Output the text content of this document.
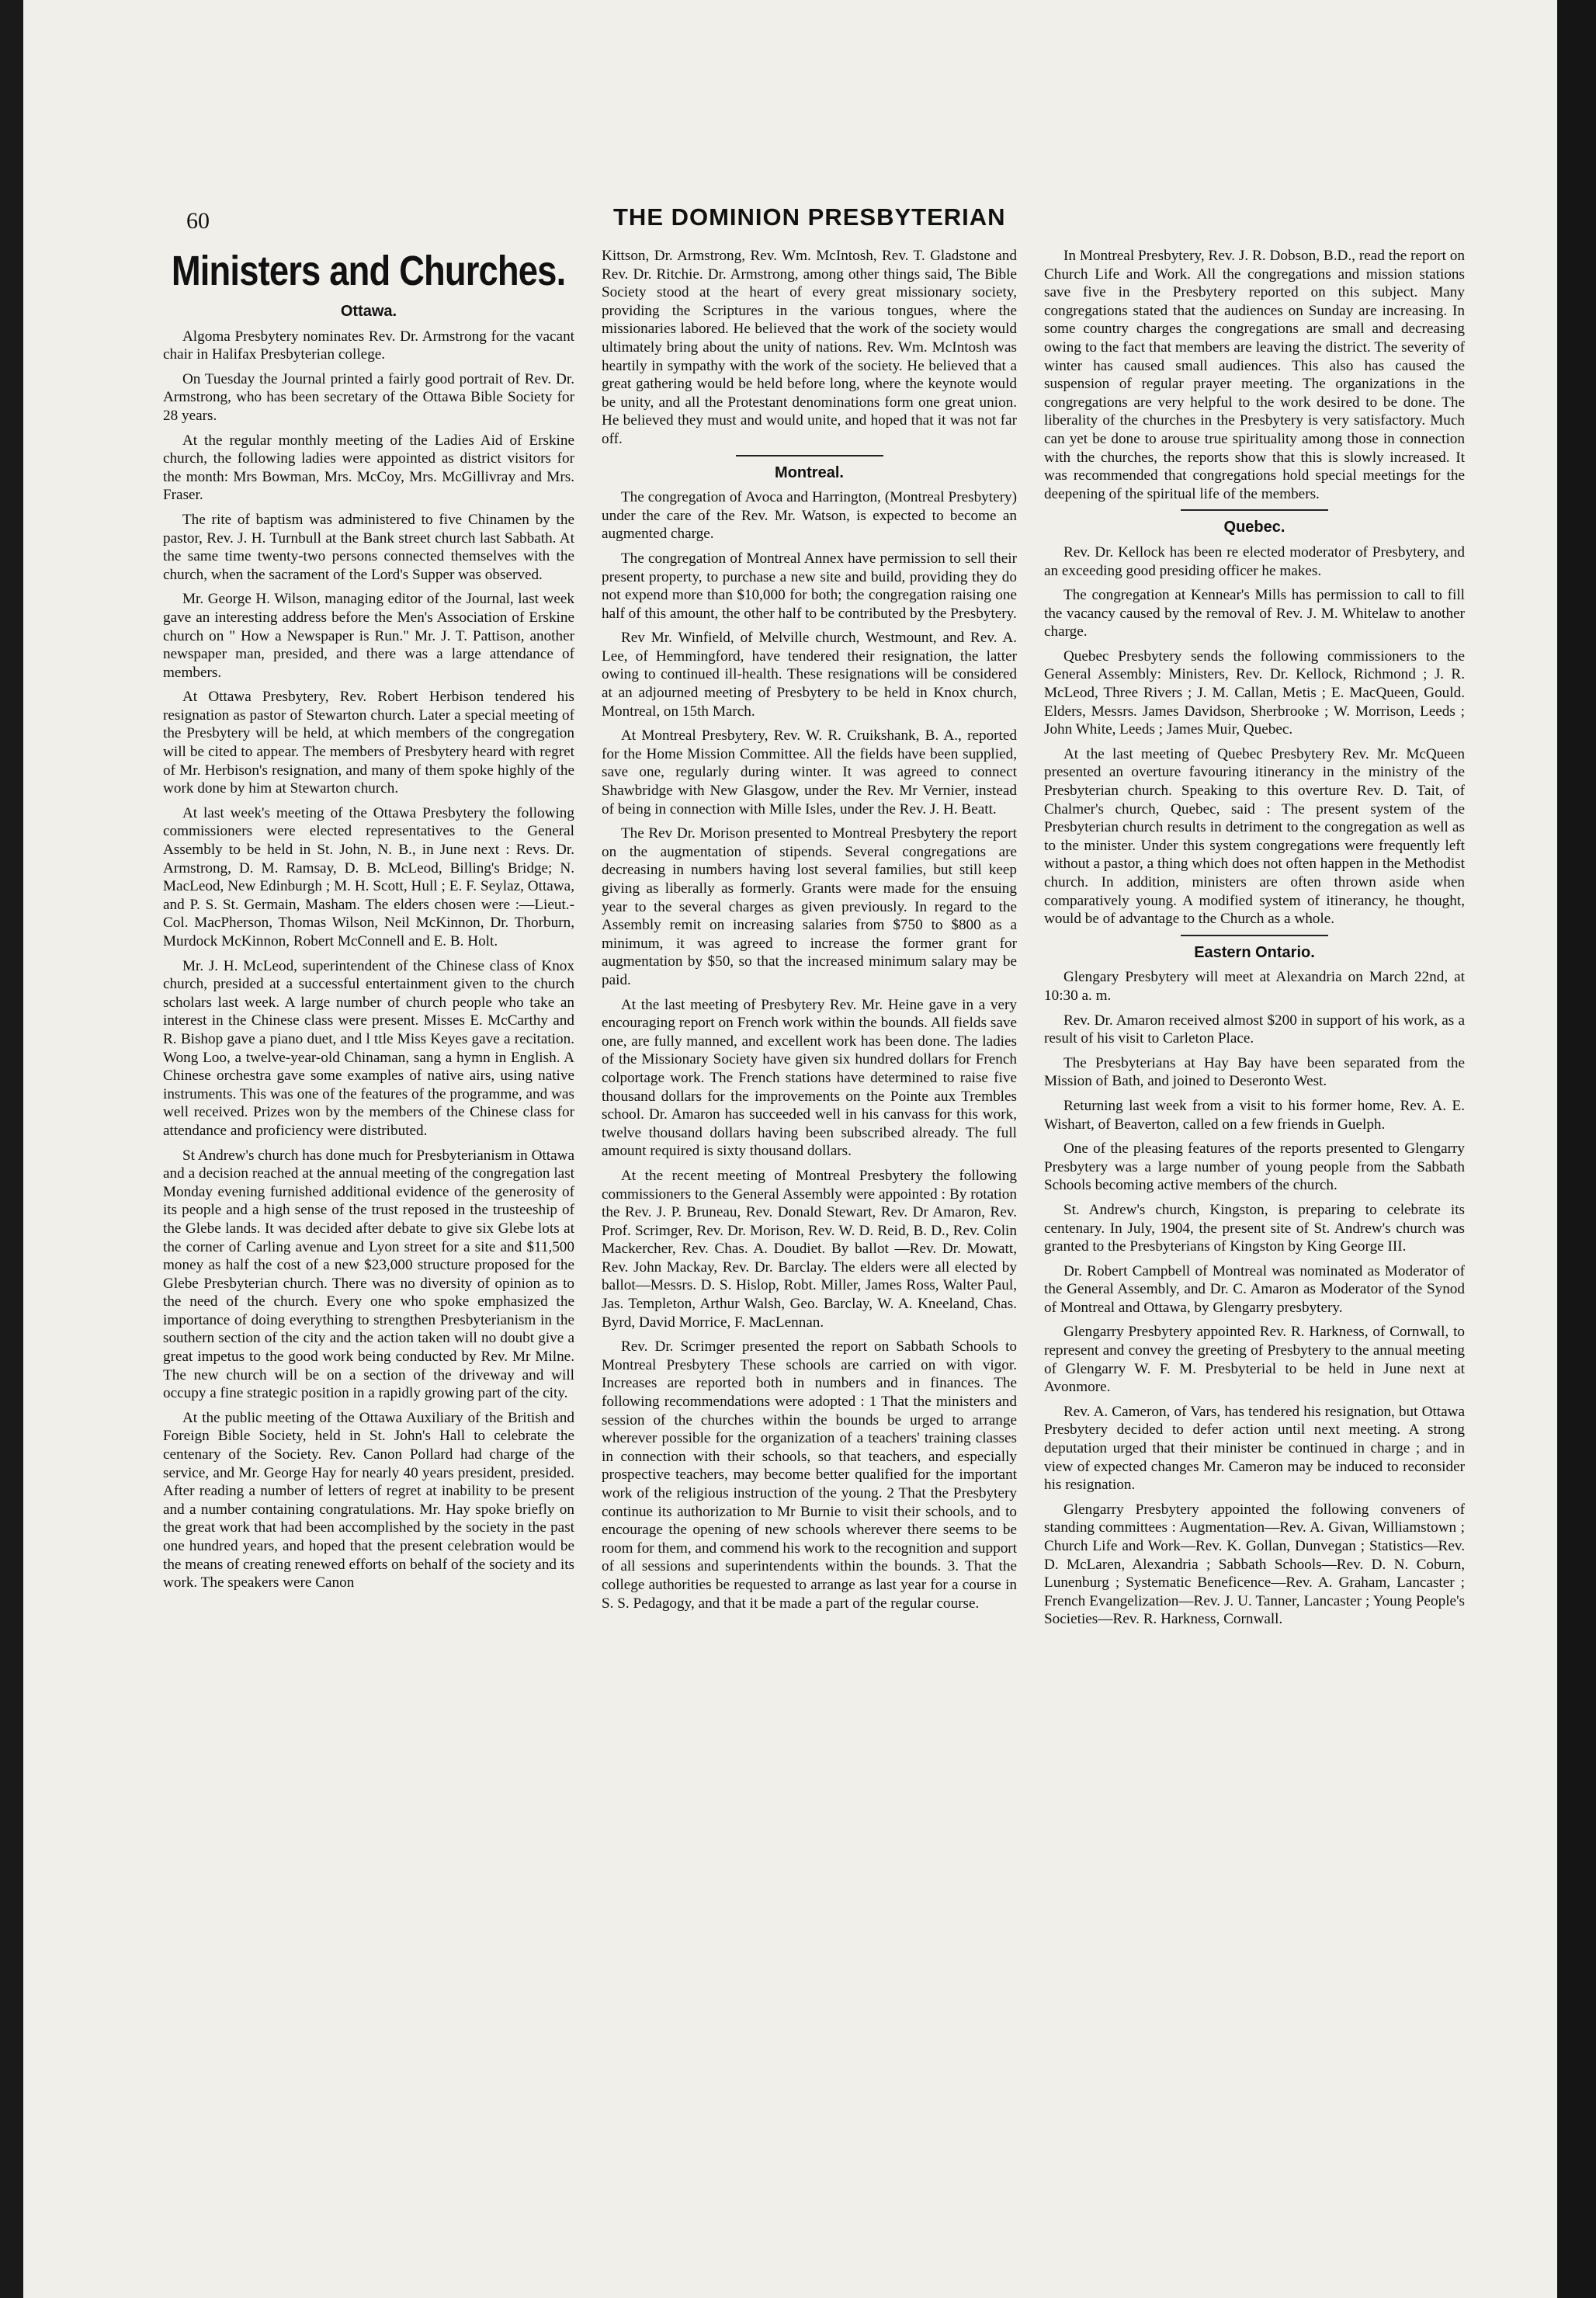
60	THE DOMINION PRESBYTERIAN
Ministers and Churches.
Ottawa.

Algoma Presbytery nominates Rev. Dr. Armstrong for the vacant chair in Halifax Presbyterian college.

On Tuesday the Journal printed a fairly good portrait of Rev. Dr. Armstrong, who has been secretary of the Ottawa Bible Society for 28 years.

At the regular monthly meeting of the Ladies Aid of Erskine church, the following ladies were appointed as district visitors for the month: Mrs Bowman, Mrs. McCoy, Mrs. McGillivray and Mrs. Fraser.

The rite of baptism was administered to five Chinamen by the pastor, Rev. J. H. Turnbull at the Bank street church last Sabbath. At the same time twenty-two persons connected themselves with the church, when the sacrament of the Lord's Supper was observed.

Mr. George H. Wilson, managing editor of the Journal, last week gave an interesting address before the Men's Association of Erskine church on " How a Newspaper is Run." Mr. J. T. Pattison, another newspaper man, presided, and there was a large attendance of members.

At Ottawa Presbytery, Rev. Robert Herbison tendered his resignation as pastor of Stewarton church. Later a special meeting of the Presbytery will be held, at which members of the congregation will be cited to appear. The members of Presbytery heard with regret of Mr. Herbison's resignation, and many of them spoke highly of the work done by him at Stewarton church.

At last week's meeting of the Ottawa Presbytery the following commissioners were elected representatives to the General Assembly to be held in St. John, N. B., in June next : Revs. Dr. Armstrong, D. M. Ramsay, D. B. McLeod, Billing's Bridge; N. MacLeod, New Edinburgh ; M. H. Scott, Hull ; E. F. Seylaz, Ottawa, and P. S. St. Germain, Masham. The elders chosen were :—Lieut.-Col. MacPherson, Thomas Wilson, Neil McKinnon, Dr. Thorburn, Murdock McKinnon, Robert McConnell and E. B. Holt.

Mr. J. H. McLeod, superintendent of the Chinese class of Knox church, presided at a successful entertainment given to the church scholars last week. A large number of church people who take an interest in the Chinese class were present. Misses E. McCarthy and R. Bishop gave a piano duet, and l ttle Miss Keyes gave a recitation. Wong Loo, a twelve-year-old Chinaman, sang a hymn in English. A Chinese orchestra gave some examples of native airs, using native instruments. This was one of the features of the programme, and was well received. Prizes won by the members of the Chinese class for attendance and proficiency were distributed.

St Andrew's church has done much for Presbyterianism in Ottawa and a decision reached at the annual meeting of the congregation last Monday evening furnished additional evidence of the generosity of its people and a high sense of the trust reposed in the trusteeship of the Glebe lands. It was decided after debate to give six Glebe lots at the corner of Carling avenue and Lyon street for a site and $11,500 money as half the cost of a new $23,000 structure proposed for the Glebe Presbyterian church. There was no diversity of opinion as to the need of the church. Every one who spoke emphasized the importance of doing everything to strengthen Presbyterianism in the southern section of the city and the action taken will no doubt give a great impetus to the good work being conducted by Rev. Mr Milne. The new church will be on a section of the driveway and will occupy a fine strategic position in a rapidly growing part of the city.

At the public meeting of the Ottawa Auxiliary of the British and Foreign Bible Society, held in St. John's Hall to celebrate the centenary of the Society. Rev. Canon Pollard had charge of the service, and Mr. George Hay for nearly 40 years president, presided. After reading a number of letters of regret at inability to be present and a number containing congratulations. Mr. Hay spoke briefly on the great work that had been accomplished by the society in the past one hundred years, and hoped that the present celebration would be the means of creating renewed efforts on behalf of the society and its work. The speakers were Canon

Kittson, Dr. Armstrong, Rev. Wm. McIntosh, Rev. T. Gladstone and Rev. Dr. Ritchie. Dr. Armstrong, among other things said, The Bible Society stood at the heart of every great missionary society, providing the Scriptures in the various tongues, where the missionaries labored. He believed that the work of the society would ultimately bring about the unity of nations. Rev. Wm. McIntosh was heartily in sympathy with the work of the society. He believed that a great gathering would be held before long, where the keynote would be unity, and all the Protestant denominations form one great union. He believed they must and would unite, and hoped that it was not far off.

Montreal.

The congregation of Avoca and Harrington, (Montreal Presbytery) under the care of the Rev. Mr. Watson, is expected to become an augmented charge.

The congregation of Montreal Annex have permission to sell their present property, to purchase a new site and build, providing they do not expend more than $10,000 for both; the congregation raising one half of this amount, the other half to be contributed by the Presbytery.

Rev Mr. Winfield, of Melville church, Westmount, and Rev. A. Lee, of Hemmingford, have tendered their resignation, the latter owing to continued ill-health. These resignations will be considered at an adjourned meeting of Presbytery to be held in Knox church, Montreal, on 15th March.

At Montreal Presbytery, Rev. W. R. Cruikshank, B. A., reported for the Home Mission Committee. All the fields have been supplied, save one, regularly during winter. It was agreed to connect Shawbridge with New Glasgow, under the Rev. Mr Vernier, instead of being in connection with Mille Isles, under the Rev. J. H. Beatt.

The Rev Dr. Morison presented to Montreal Presbytery the report on the augmentation of stipends. Several congregations are decreasing in numbers having lost several families, but still keep giving as liberally as formerly. Grants were made for the ensuing year to the several charges as given previously. In regard to the Assembly remit on increasing salaries from $750 to $800 as a minimum, it was agreed to increase the former grant for augmentation by $50, so that the increased minimum salary may be paid.

At the last meeting of Presbytery Rev. Mr. Heine gave in a very encouraging report on French work within the bounds. All fields save one, are fully manned, and excellent work has been done. The ladies of the Missionary Society have given six hundred dollars for French colportage work. The French stations have determined to raise five thousand dollars for the improvements on the Pointe aux Trembles school. Dr. Amaron has succeeded well in his canvass for this work, twelve thousand dollars having been subscribed already. The full amount required is sixty thousand dollars.

At the recent meeting of Montreal Presbytery the following commissioners to the General Assembly were appointed : By rotation the Rev. J. P. Bruneau, Rev. Donald Stewart, Rev. Dr Amaron, Rev. Prof. Scrimger, Rev. Dr. Morison, Rev. W. D. Reid, B. D., Rev. Colin Mackercher, Rev. Chas. A. Doudiet. By ballot —Rev. Dr. Mowatt, Rev. John Mackay, Rev. Dr. Barclay. The elders were all elected by ballot—Messrs. D. S. Hislop, Robt. Miller, James Ross, Walter Paul, Jas. Templeton, Arthur Walsh, Geo. Barclay, W. A. Kneeland, Chas. Byrd, David Morrice, F. MacLennan.

Rev. Dr. Scrimger presented the report on Sabbath Schools to Montreal Presbytery These schools are carried on with vigor. Increases are reported both in numbers and in finances. The following recommendations were adopted : 1 That the ministers and session of the churches within the bounds be urged to arrange wherever possible for the organization of a teachers' training classes in connection with their schools, so that teachers, and especially prospective teachers, may become better qualified for the important work of the religious instruction of the young. 2 That the Presbytery continue its authorization to Mr Burnie to visit their schools, and to encourage the opening of new schools wherever there seems to be room for them, and commend his work to the recognition and support of all sessions and superintendents within the bounds. 3. That the college authorities be requested to arrange as last year for a course in S. S. Pedagogy, and that it be made a part of the regular course.

In Montreal Presbytery, Rev. J. R. Dobson, B.D., read the report on Church Life and Work. All the congregations and mission stations save five in the Presbytery reported on this subject. Many congregations stated that the audiences on Sunday are increasing. In some country charges the congregations are small and decreasing owing to the fact that members are leaving the district. The severity of winter has caused small audiences. This also has caused the suspension of regular prayer meeting. The organizations in the congregations are very helpful to the work desired to be done. The liberality of the churches in the Presbytery is very satisfactory. Much can yet be done to arouse true spirituality among those in connection with the churches, the reports show that this is slowly increased. It was recommended that congregations hold special meetings for the deepening of the spiritual life of the members.

Quebec.

Rev. Dr. Kellock has been re elected moderator of Presbytery, and an exceeding good presiding officer he makes.

The congregation at Kennear's Mills has permission to call to fill the vacancy caused by the removal of Rev. J. M. Whitelaw to another charge.

Quebec Presbytery sends the following commissioners to the General Assembly: Ministers, Rev. Dr. Kellock, Richmond ; J. R. McLeod, Three Rivers ; J. M. Callan, Metis ; E. MacQueen, Gould. Elders, Messrs. James Davidson, Sherbrooke ; W. Morrison, Leeds ; John White, Leeds ; James Muir, Quebec.

At the last meeting of Quebec Presbytery Rev. Mr. McQueen presented an overture favouring itinerancy in the ministry of the Presbyterian church. Speaking to this overture Rev. D. Tait, of Chalmer's church, Quebec, said : The present system of the Presbyterian church results in detriment to the congregation as well as to the minister. Under this system congregations were frequently left without a pastor, a thing which does not often happen in the Methodist church. In addition, ministers are often thrown aside when comparatively young. A modified system of itinerancy, he thought, would be of advantage to the Church as a whole.

Eastern Ontario.

Glengary Presbytery will meet at Alexandria on March 22nd, at 10:30 a. m.

Rev. Dr. Amaron received almost $200 in support of his work, as a result of his visit to Carleton Place.

The Presbyterians at Hay Bay have been separated from the Mission of Bath, and joined to Deseronto West.

Returning last week from a visit to his former home, Rev. A. E. Wishart, of Beaverton, called on a few friends in Guelph.

One of the pleasing features of the reports presented to Glengarry Presbytery was a large number of young people from the Sabbath Schools becoming active members of the church.

St. Andrew's church, Kingston, is preparing to celebrate its centenary. In July, 1904, the present site of St. Andrew's church was granted to the Presbyterians of Kingston by King George III.

Dr. Robert Campbell of Montreal was nominated as Moderator of the General Assembly, and Dr. C. Amaron as Moderator of the Synod of Montreal and Ottawa, by Glengarry presbytery.

Glengarry Presbytery appointed Rev. R. Harkness, of Cornwall, to represent and convey the greeting of Presbytery to the annual meeting of Glengarry W. F. M. Presbyterial to be held in June next at Avonmore.

Rev. A. Cameron, of Vars, has tendered his resignation, but Ottawa Presbytery decided to defer action until next meeting. A strong deputation urged that their minister be continued in charge ; and in view of expected changes Mr. Cameron may be induced to reconsider his resignation.

Glengarry Presbytery appointed the following conveners of standing committees : Augmentation—Rev. A. Givan, Williamstown ; Church Life and Work—Rev. K. Gollan, Dunvegan ; Statistics—Rev. D. McLaren, Alexandria ; Sabbath Schools—Rev. D. N. Coburn, Lunenburg ; Systematic Beneficence—Rev. A. Graham, Lancaster ; French Evangelization—Rev. J. U. Tanner, Lancaster ; Young People's Societies—Rev. R. Harkness, Cornwall.
